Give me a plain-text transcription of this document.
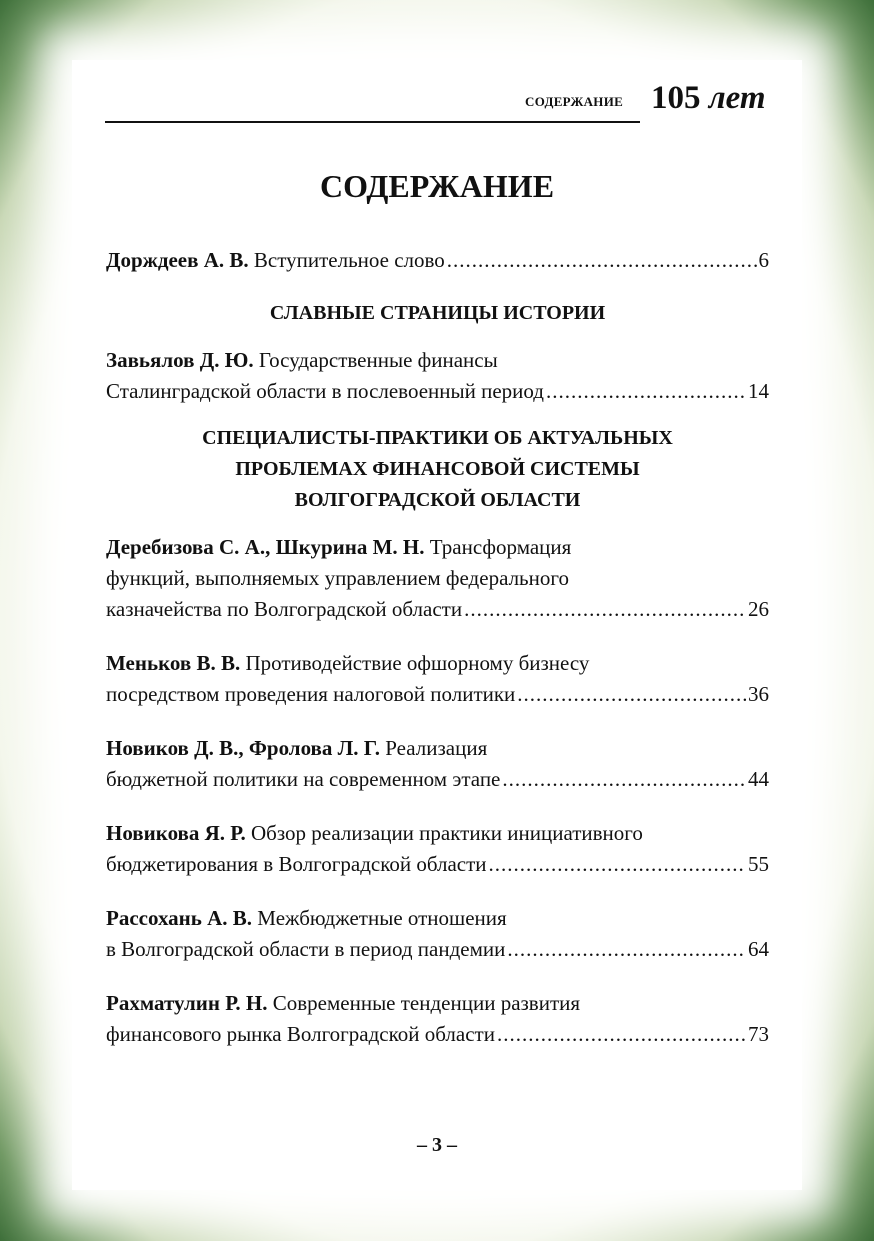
СОДЕРЖАНИЕ 105 лет
СОДЕРЖАНИЕ
Дорждеев А. В. Вступительное слово .....	6
СЛАВНЫЕ СТРАНИЦЫ ИСТОРИИ
Завьялов Д. Ю. Государственные финансы
Сталинградской области в послевоенный период .....	14
СПЕЦИАЛИСТЫ-ПРАКТИКИ ОБ АКТУАЛЬНЫХ
ПРОБЛЕМАХ ФИНАНСОВОЙ СИСТЕМЫ
ВОЛГОГРАДСКОЙ ОБЛАСТИ
Деребизова С. А., Шкурина М. Н. Трансформация
функций, выполняемых управлением федерального
казначейства по Волгоградской области .....	26
Меньков В. В. Противодействие офшорному бизнесу
посредством проведения налоговой политики .....	36
Новиков Д. В., Фролова Л. Г. Реализация
бюджетной политики на современном этапе .....	44
Новикова Я. Р. Обзор реализации практики инициативного
бюджетирования в Волгоградской области .....	55
Рассохань А. В. Межбюджетные отношения
в Волгоградской области в период пандемии .....	64
Рахматулин Р. Н. Современные тенденции развития
финансового рынка Волгоградской области .....	73
– 3 –
